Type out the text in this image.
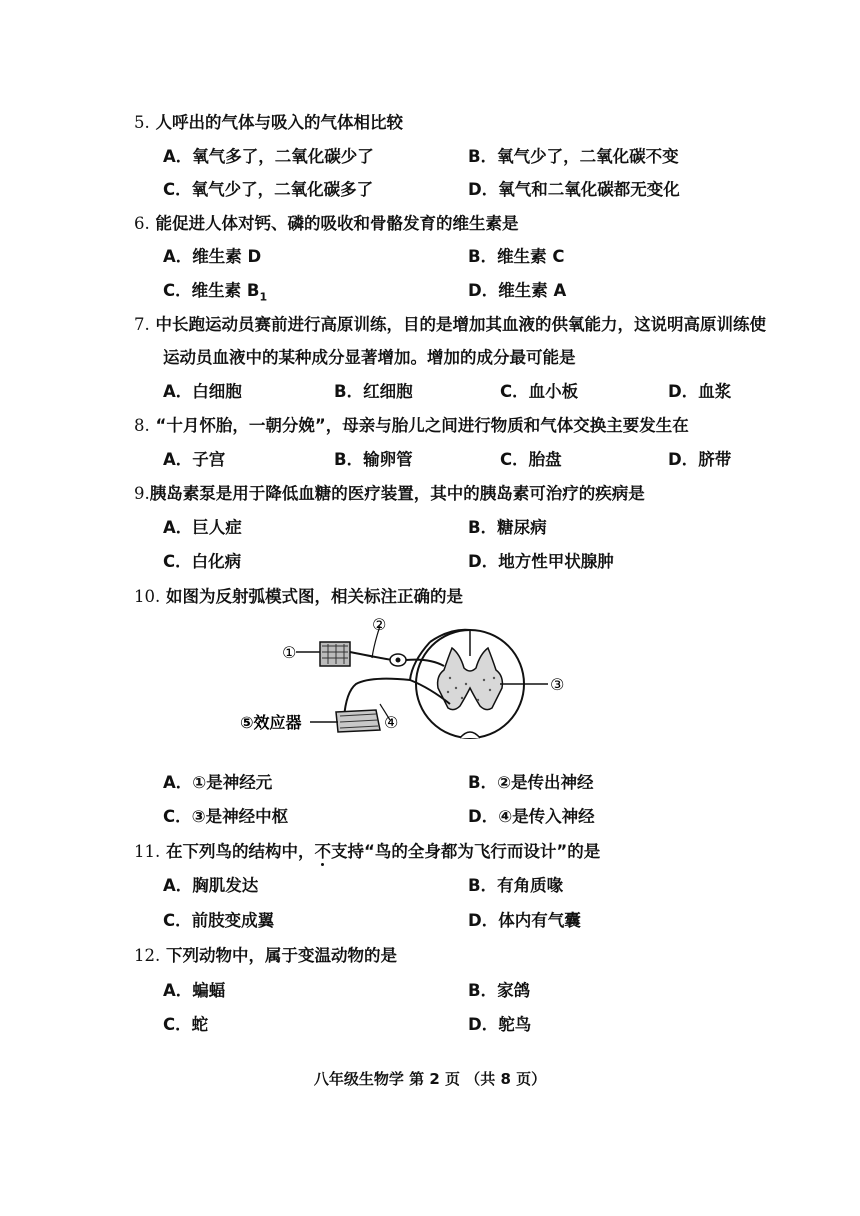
5. 人呼出的气体与吸入的气体相比较
A．氧气多了，二氧化碳少了	B．氧气少了，二氧化碳不变
C．氧气少了，二氧化碳多了	D．氧气和二氧化碳都无变化
6. 能促进人体对钙、磷的吸收和骨骼发育的维生素是
A．维生素 D	B．维生素 C
C．维生素 $B_1$	D．维生素 A
7. 中长跑运动员赛前进行高原训练，目的是增加其血液的供氧能力，这说明高原训练使
运动员血液中的某种成分显著增加。增加的成分最可能是
A．白细胞	B．红细胞	C．血小板	D．血浆
8. “十月怀胎，一朝分娩”，母亲与胎儿之间进行物质和气体交换主要发生在
A．子宫	B．输卵管	C．胎盘	D．脐带
9.胰岛素泵是用于降低血糖的医疗装置，其中的胰岛素可治疗的疾病是
A．巨人症	B．糖尿病
C．白化病	D．地方性甲状腺肿
10. 如图为反射弧模式图，相关标注正确的是
①
②
③
④
⑤效应器
A．①是神经元	B．②是传出神经
C．③是神经中枢	D．④是传入神经
11. 在下列鸟的结构中，不支持“鸟的全身都为飞行而设计”的是
A．胸肌发达	B．有角质喙
C．前肢变成翼	D．体内有气囊
12. 下列动物中，属于变温动物的是
A．蝙蝠	B．家鸽
C．蛇	D．鸵鸟
八年级生物学 第 2 页 （共 8 页）
